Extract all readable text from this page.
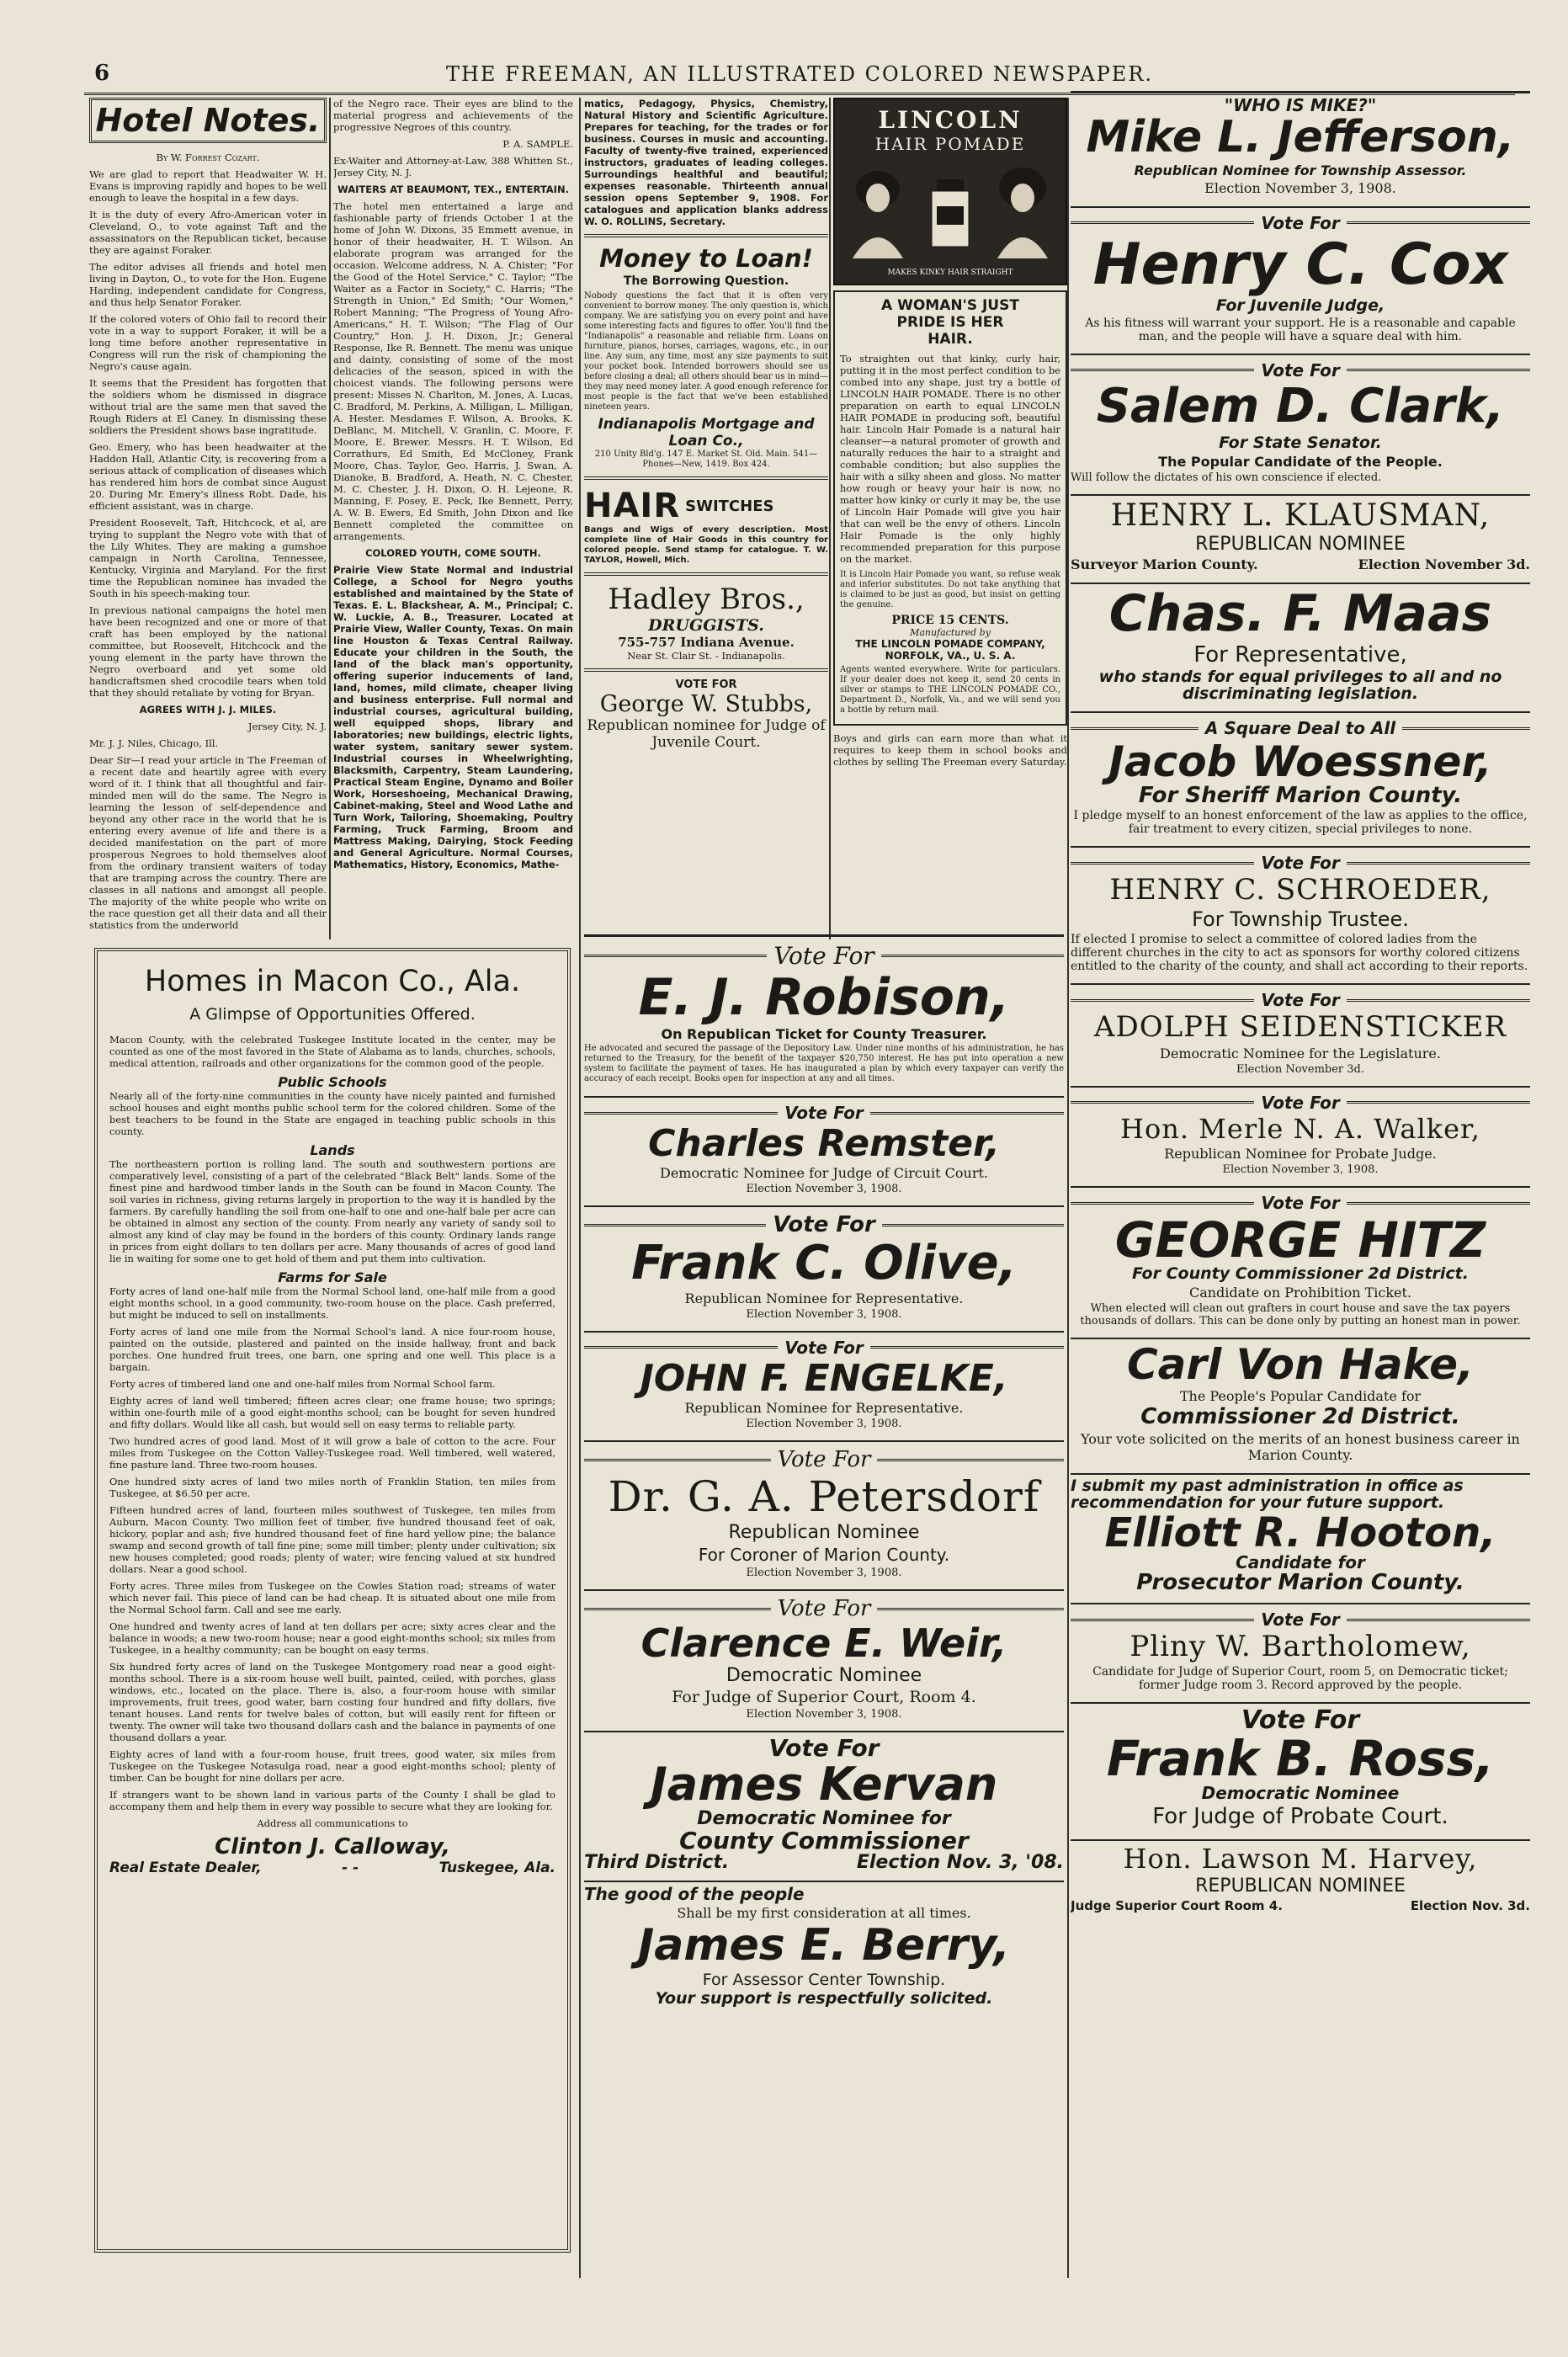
6	THE FREEMAN, AN ILLUSTRATED COLORED NEWSPAPER.
Hotel Notes.

By W. Forrest Cozart.

We are glad to report that Headwaiter W. H. Evans is improving rapidly and hopes to be well enough to leave the hospital in a few days.

It is the duty of every Afro-American voter in Cleveland, O., to vote against Taft and the assassinators on the Republican ticket, because they are against Foraker.

The editor advises all friends and hotel men living in Dayton, O., to vote for the Hon. Eugene Harding, independent candidate for Congress, and thus help Senator Foraker.

If the colored voters of Ohio fail to record their vote in a way to support Foraker, it will be a long time before another representative in Congress will run the risk of championing the Negro's cause again.

It seems that the President has forgotten that the soldiers whom he dismissed in disgrace without trial are the same men that saved the Rough Riders at El Caney. In dismissing these soldiers the President shows base ingratitude.

Geo. Emery, who has been headwaiter at the Haddon Hall, Atlantic City, is recovering from a serious attack of complication of diseases which has rendered him hors de combat since August 20. During Mr. Emery's illness Robt. Dade, his efficient assistant, was in charge.

President Roosevelt, Taft, Hitchcock, et al, are trying to supplant the Negro vote with that of the Lily Whites. They are making a gumshoe campaign in North Carolina, Tennessee, Kentucky, Virginia and Maryland. For the first time the Republican nominee has invaded the South in his speech-making tour.

In previous national campaigns the hotel men have been recognized and one or more of that craft has been employed by the national committee, but Roosevelt, Hitchcock and the young element in the party have thrown the Negro overboard and yet some old handicraftsmen shed crocodile tears when told that they should retaliate by voting for Bryan.

AGREES WITH J. J. MILES.

Jersey City, N. J.

Mr. J. J. Niles, Chicago, Ill.

Dear Sir—I read your article in The Freeman of a recent date and heartily agree with every word of it. I think that all thoughtful and fair-minded men will do the same. The Negro is learning the lesson of self-dependence and beyond any other race in the world that he is entering every avenue of life and there is a decided manifestation on the part of more prosperous Negroes to hold themselves aloof from the ordinary transient waiters of today that are tramping across the country. There are classes in all nations and amongst all people. The majority of the white people who write on the race question get all their data and all their statistics from the underworld

of the Negro race. Their eyes are blind to the material progress and achievements of the progressive Negroes of this country.

P. A. SAMPLE.

Ex-Waiter and Attorney-at-Law, 388 Whitten St., Jersey City, N. J.

WAITERS AT BEAUMONT, TEX., ENTERTAIN.

The hotel men entertained a large and fashionable party of friends October 1 at the home of John W. Dixons, 35 Emmett avenue, in honor of their headwaiter, H. T. Wilson. An elaborate program was arranged for the occasion. Welcome address, N. A. Chister; "For the Good of the Hotel Service," C. Taylor; "The Waiter as a Factor in Society," C. Harris; "The Strength in Union," Ed Smith; "Our Women," Robert Manning; "The Progress of Young Afro-Americans," H. T. Wilson; "The Flag of Our Country," Hon. J. H. Dixon, Jr.; General Response, Ike R. Bennett. The menu was unique and dainty, consisting of some of the most delicacies of the season, spiced in with the choicest viands. The following persons were present: Misses N. Charlton, M. Jones, A. Lucas, C. Bradford, M. Perkins, A. Milligan, L. Milligan, A. Hester. Mesdames F. Wilson, A. Brooks, K. DeBlanc, M. Mitchell, V. Granlin, C. Moore, F. Moore, E. Brewer. Messrs. H. T. Wilson, Ed Corrathurs, Ed Smith, Ed McCloney, Frank Moore, Chas. Taylor, Geo. Harris, J. Swan, A. Dianoke, B. Bradford, A. Heath, N. C. Chester, M. C. Chester, J. H. Dixon, O. H. Lejeone, R. Manning, F. Posey, E. Peck, Ike Bennett, Perry, A. W. B. Ewers, Ed Smith, John Dixon and Ike Bennett completed the committee on arrangements.

COLORED YOUTH, COME SOUTH.

Prairie View State Normal and Industrial College, a School for Negro youths established and maintained by the State of Texas. E. L. Blackshear, A. M., Principal; C. W. Luckie, A. B., Treasurer. Located at Prairie View, Waller County, Texas. On main line Houston & Texas Central Railway. Educate your children in the South, the land of the black man's opportunity, offering superior inducements of land, land, homes, mild climate, cheaper living and business enterprise. Full normal and industrial courses, agricultural building, well equipped shops, library and laboratories; new buildings, electric lights, water system, sanitary sewer system. Industrial courses in Wheelwrighting, Blacksmith, Carpentry, Steam Laundering, Practical Steam Engine, Dynamo and Boiler Work, Horseshoeing, Mechanical Drawing, Cabinet-making, Steel and Wood Lathe and Turn Work, Tailoring, Shoemaking, Poultry Farming, Truck Farming, Broom and Mattress Making, Dairying, Stock Feeding and General Agriculture. Normal Courses, Mathematics, History, Economics, Mathe-

matics, Pedagogy, Physics, Chemistry, Natural History and Scientific Agriculture. Prepares for teaching, for the trades or for business. Courses in music and accounting. Faculty of twenty-five trained, experienced instructors, graduates of leading colleges. Surroundings healthful and beautiful; expenses reasonable. Thirteenth annual session opens September 9, 1908. For catalogues and application blanks address W. O. ROLLINS, Secretary.

Money to Loan!
The Borrowing Question.

Nobody questions the fact that it is often very convenient to borrow money. The only question is, which company. We are satisfying you on every point and have some interesting facts and figures to offer. You'll find the "Indianapolis" a reasonable and reliable firm. Loans on furniture, pianos, horses, carriages, wagons, etc., in our line. Any sum, any time, most any size payments to suit your pocket book. Intended borrowers should see us before closing a deal; all others should bear us in mind—they may need money later. A good enough reference for most people is the fact that we've been established nineteen years.

Indianapolis Mortgage and Loan Co.,

210 Unity Bld'g. 147 E. Market St. Old. Main. 541—Phones—New, 1419. Box 424.

HAIR SWITCHES

Bangs and Wigs of every description. Most complete line of Hair Goods in this country for colored people. Send stamp for catalogue. T. W. TAYLOR, Howell, Mich.

Hadley Bros.,
DRUGGISTS.
755-757 Indiana Avenue.

Near St. Clair St. - Indianapolis.

VOTE FOR
George W. Stubbs,
Republican nominee for Judge of Juvenile Court.
LINCOLN
HAIR POMADE
MAKES KINKY HAIR STRAIGHT
A WOMAN'S JUST
PRIDE IS HER
HAIR.

To straighten out that kinky, curly hair, putting it in the most perfect condition to be combed into any shape, just try a bottle of LINCOLN HAIR POMADE. There is no other preparation on earth to equal LINCOLN HAIR POMADE in producing soft, beautiful hair. Lincoln Hair Pomade is a natural hair cleanser—a natural promoter of growth and naturally reduces the hair to a straight and combable condition; but also supplies the hair with a silky sheen and gloss. No matter how rough or heavy your hair is now, no matter how kinky or curly it may be, the use of Lincoln Hair Pomade will give you hair that can well be the envy of others. Lincoln Hair Pomade is the only highly recommended preparation for this purpose on the market.

It is Lincoln Hair Pomade you want, so refuse weak and inferior substitutes. Do not take anything that is claimed to be just as good, but insist on getting the genuine.

PRICE 15 CENTS.
Manufactured by
THE LINCOLN POMADE COMPANY,
NORFOLK, VA., U. S. A.

Agents wanted everywhere. Write for particulars. If your dealer does not keep it, send 20 cents in silver or stamps to THE LINCOLN POMADE CO., Department D., Norfolk, Va., and we will send you a bottle by return mail.

Boys and girls can earn more than what it requires to keep them in school books and clothes by selling The Freeman every Saturday.

Homes in Macon Co., Ala.
A Glimpse of Opportunities Offered.

Macon County, with the celebrated Tuskegee Institute located in the center, may be counted as one of the most favored in the State of Alabama as to lands, churches, schools, medical attention, railroads and other organizations for the common good of the people.

Public Schools

Nearly all of the forty-nine communities in the county have nicely painted and furnished school houses and eight months public school term for the colored children. Some of the best teachers to be found in the State are engaged in teaching public schools in this county.

Lands

The northeastern portion is rolling land. The south and southwestern portions are comparatively level, consisting of a part of the celebrated "Black Belt" lands. Some of the finest pine and hardwood timber lands in the South can be found in Macon County. The soil varies in richness, giving returns largely in proportion to the way it is handled by the farmers. By carefully handling the soil from one-half to one and one-half bale per acre can be obtained in almost any section of the county. From nearly any variety of sandy soil to almost any kind of clay may be found in the borders of this county. Ordinary lands range in prices from eight dollars to ten dollars per acre. Many thousands of acres of good land lie in waiting for some one to get hold of them and put them into cultivation.

Farms for Sale

Forty acres of land one-half mile from the Normal School land, one-half mile from a good eight months school, in a good community, two-room house on the place. Cash preferred, but might be induced to sell on installments.

Forty acres of land one mile from the Normal School's land. A nice four-room house, painted on the outside, plastered and painted on the inside hallway, front and back porches. One hundred fruit trees, one barn, one spring and one well. This place is a bargain.

Forty acres of timbered land one and one-half miles from Normal School farm.

Eighty acres of land well timbered; fifteen acres clear; one frame house; two springs; within one-fourth mile of a good eight-months school; can be bought for seven hundred and fifty dollars. Would like all cash, but would sell on easy terms to reliable party.

Two hundred acres of good land. Most of it will grow a bale of cotton to the acre. Four miles from Tuskegee on the Cotton Valley-Tuskegee road. Well timbered, well watered, fine pasture land. Three two-room houses.

One hundred sixty acres of land two miles north of Franklin Station, ten miles from Tuskegee, at $6.50 per acre.

Fifteen hundred acres of land, fourteen miles southwest of Tuskegee, ten miles from Auburn, Macon County. Two million feet of timber, five hundred thousand feet of oak, hickory, poplar and ash; five hundred thousand feet of fine hard yellow pine; the balance swamp and second growth of tall fine pine; some mill timber; plenty under cultivation; six new houses completed; good roads; plenty of water; wire fencing valued at six hundred dollars. Near a good school.

Forty acres. Three miles from Tuskegee on the Cowles Station road; streams of water which never fail. This piece of land can be had cheap. It is situated about one mile from the Normal School farm. Call and see me early.

One hundred and twenty acres of land at ten dollars per acre; sixty acres clear and the balance in woods; a new two-room house; near a good eight-months school; six miles from Tuskegee, in a healthy community; can be bought on easy terms.

Six hundred forty acres of land on the Tuskegee Montgomery road near a good eight-months school. There is a six-room house well built, painted, ceiled, with porches, glass windows, etc., located on the place. There is, also, a four-room house with similar improvements, fruit trees, good water, barn costing four hundred and fifty dollars, five tenant houses. Land rents for twelve bales of cotton, but will easily rent for fifteen or twenty. The owner will take two thousand dollars cash and the balance in payments of one thousand dollars a year.

Eighty acres of land with a four-room house, fruit trees, good water, six miles from Tuskegee on the Tuskegee Notasulga road, near a good eight-months school; plenty of timber. Can be bought for nine dollars per acre.

If strangers want to be shown land in various parts of the County I shall be glad to accompany them and help them in every way possible to secure what they are looking for.

Address all communications to

Clinton J. Calloway,
Real Estate Dealer,	- -	Tuskegee, Ala.
Vote For
E. J. Robison,
On Republican Ticket for County Treasurer.

He advocated and secured the passage of the Depository Law. Under nine months of his administration, he has returned to the Treasury, for the benefit of the taxpayer $20,750 interest. He has put into operation a new system to facilitate the payment of taxes. He has inaugurated a plan by which every taxpayer can verify the accuracy of each receipt. Books open for inspection at any and all times.

Vote For
Charles Remster,
Democratic Nominee for Judge of Circuit Court.
Election November 3, 1908.
Vote For
Frank C. Olive,
Republican Nominee for Representative.
Election November 3, 1908.
Vote For
JOHN F. ENGELKE,
Republican Nominee for Representative.
Election November 3, 1908.
Vote For
Dr. G. A. Petersdorf
Republican Nominee
For Coroner of Marion County.
Election November 3, 1908.
Vote For
Clarence E. Weir,
Democratic Nominee
For Judge of Superior Court, Room 4.
Election November 3, 1908.
Vote For
James Kervan
Democratic Nominee for
County Commissioner
Third District.	Election Nov. 3, '08.
The good of the people
Shall be my first consideration at all times.
James E. Berry,
For Assessor Center Township.
Your support is respectfully solicited.
"WHO IS MIKE?"
Mike L. Jefferson,
Republican Nominee for Township Assessor.
Election November 3, 1908.
Vote For
Henry C. Cox
For Juvenile Judge,
As his fitness will warrant your support. He is a reasonable and capable man, and the people will have a square deal with him.
Vote For
Salem D. Clark,
For State Senator.
The Popular Candidate of the People.
Will follow the dictates of his own conscience if elected.
HENRY L. KLAUSMAN,
REPUBLICAN NOMINEE
Surveyor Marion County.	Election November 3d.
Chas. F. Maas
For Representative,
who stands for equal privileges to all and no discriminating legislation.
A Square Deal to All
Jacob Woessner,
For Sheriff Marion County.
I pledge myself to an honest enforcement of the law as applies to the office, fair treatment to every citizen, special privileges to none.
Vote For
HENRY C. SCHROEDER,
For Township Trustee.
If elected I promise to select a committee of colored ladies from the different churches in the city to act as sponsors for worthy colored citizens entitled to the charity of the county, and shall act according to their reports.
Vote For
ADOLPH SEIDENSTICKER
Democratic Nominee for the Legislature.
Election November 3d.
Vote For
Hon. Merle N. A. Walker,
Republican Nominee for Probate Judge.
Election November 3, 1908.
Vote For
GEORGE HITZ
For County Commissioner 2d District.
Candidate on Prohibition Ticket.
When elected will clean out grafters in court house and save the tax payers thousands of dollars. This can be done only by putting an honest man in power.
Carl Von Hake,
The People's Popular Candidate for
Commissioner 2d District.
Your vote solicited on the merits of an honest business career in Marion County.
I submit my past administration in office as recommendation for your future support.
Elliott R. Hooton,
Candidate for
Prosecutor Marion County.
Vote For
Pliny W. Bartholomew,
Candidate for Judge of Superior Court, room 5, on Democratic ticket; former Judge room 3. Record approved by the people.
Vote For
Frank B. Ross,
Democratic Nominee
For Judge of Probate Court.
Hon. Lawson M. Harvey,
REPUBLICAN NOMINEE
Judge Superior Court Room 4.	Election Nov. 3d.
